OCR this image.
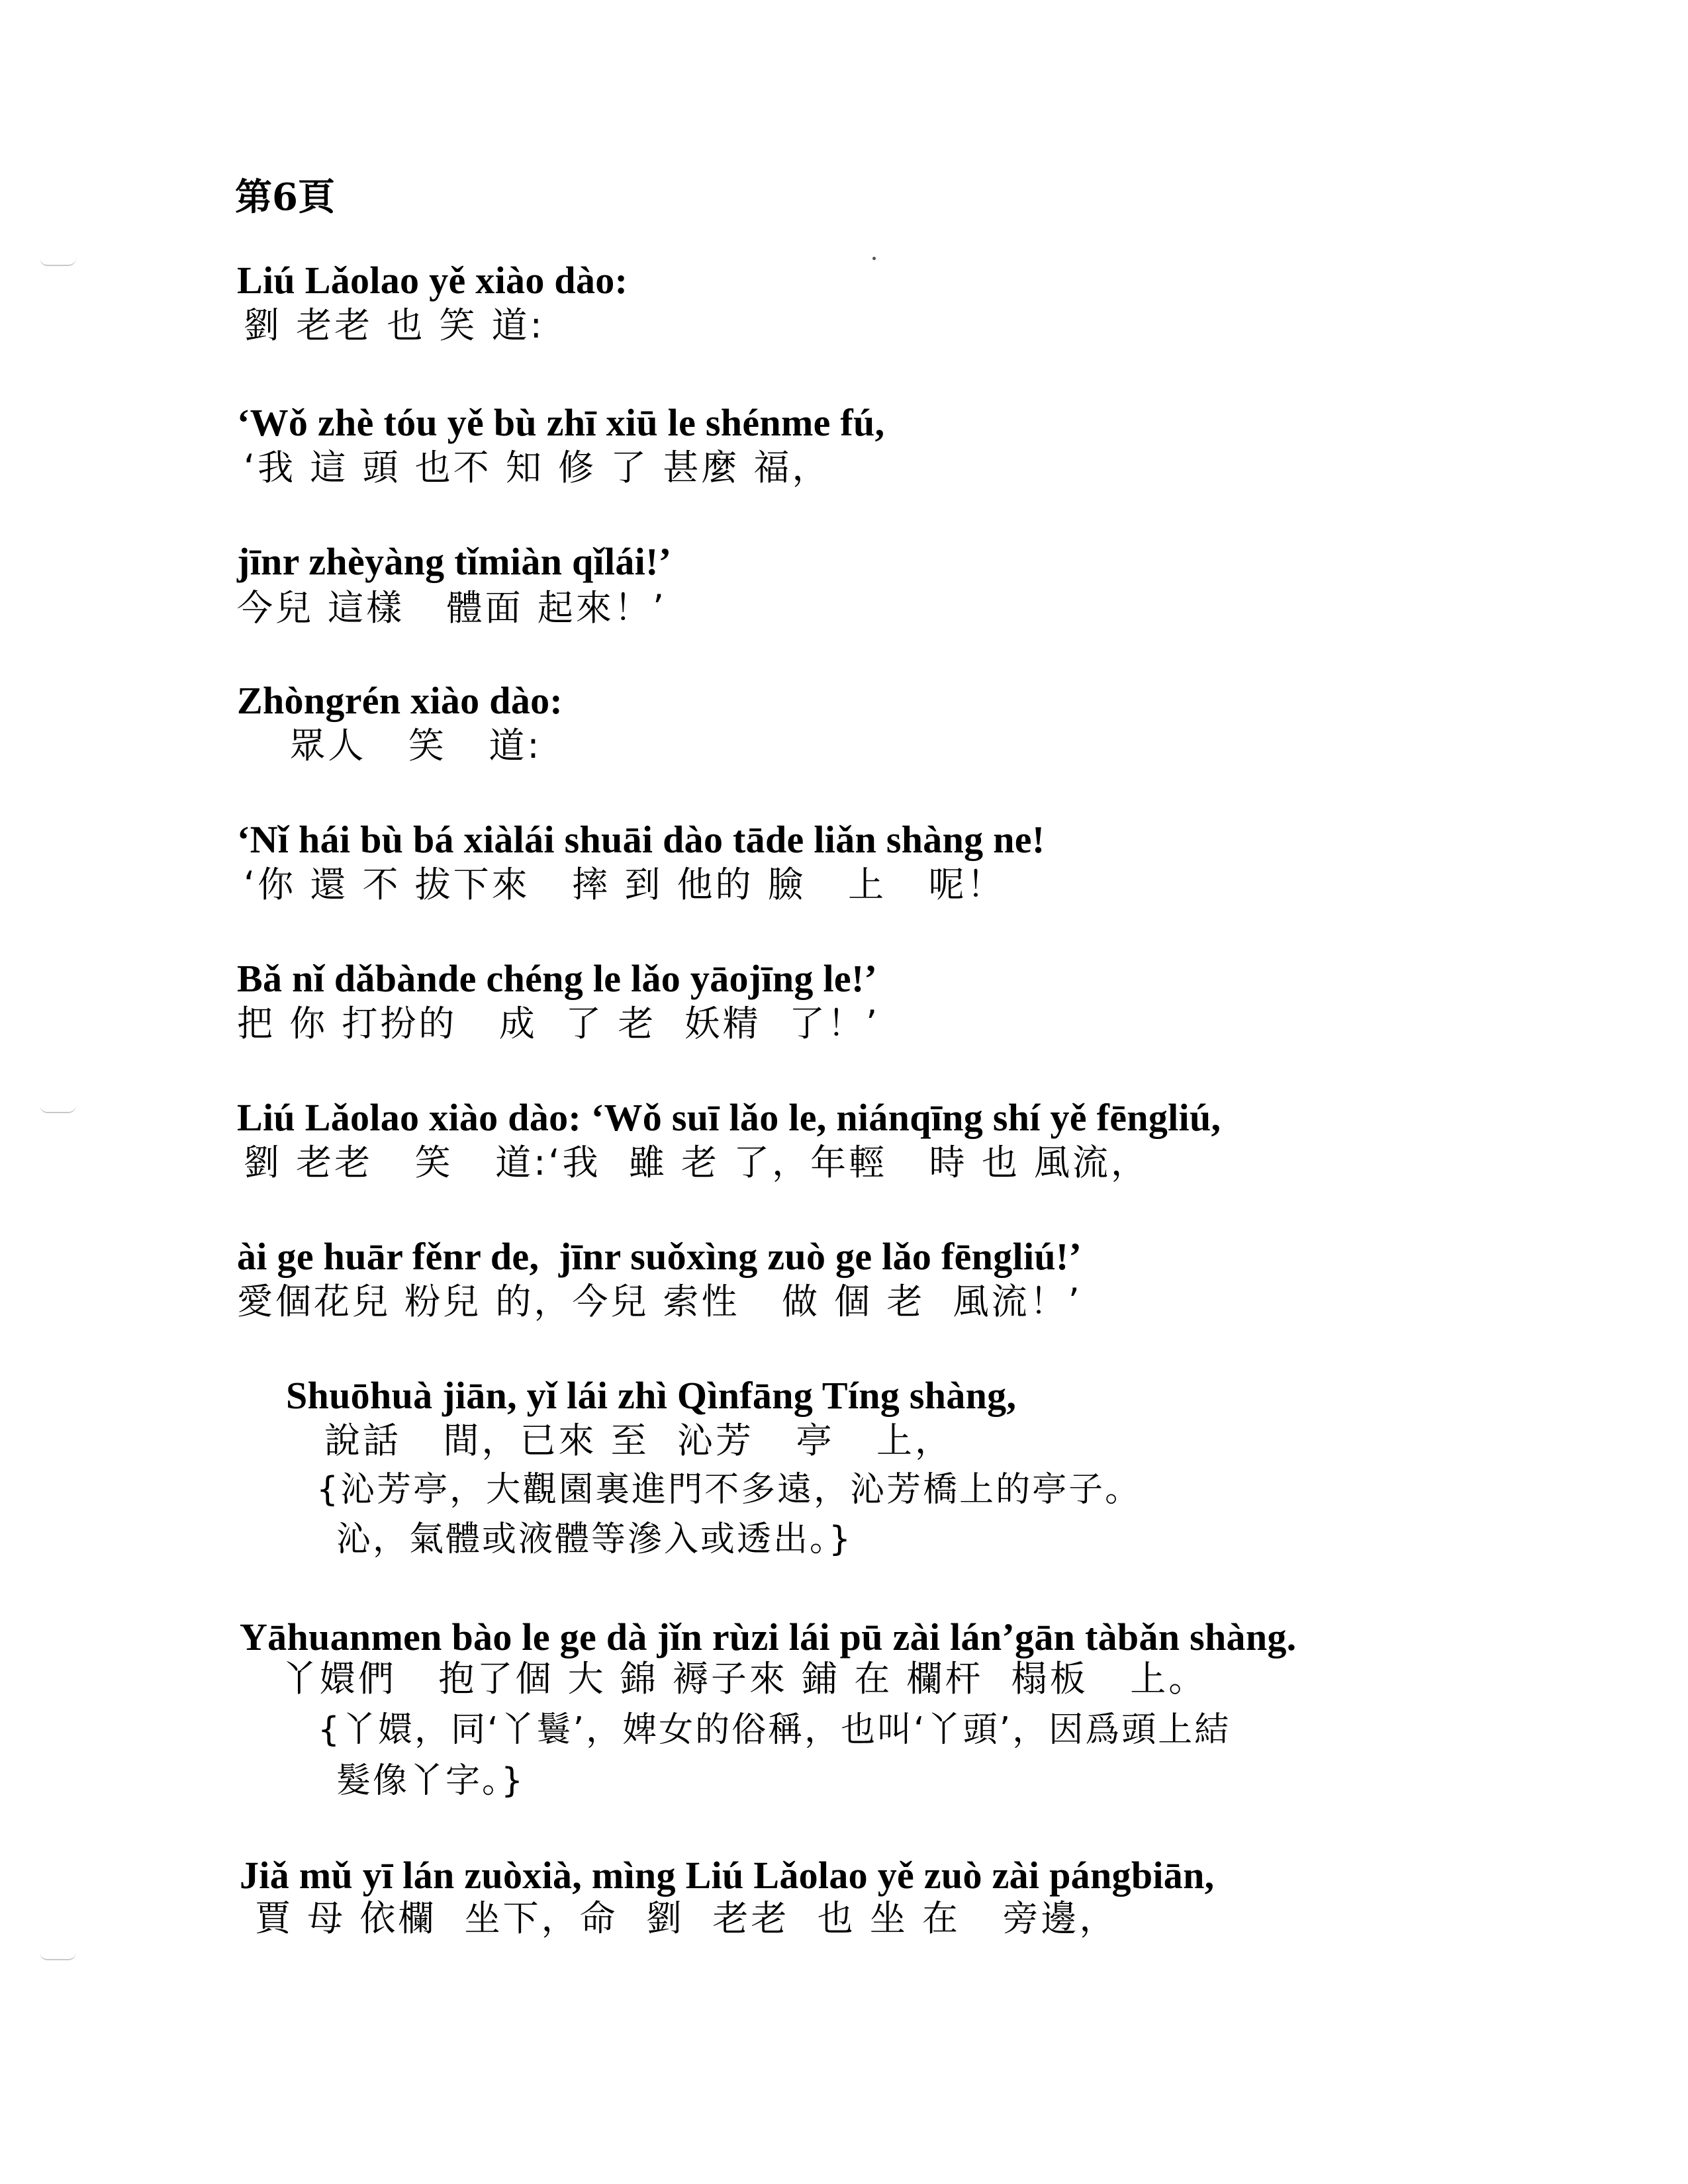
第6頁
Liú Lǎolao yě xiào dào:
劉 老老 也 笑 道:
‘Wǒ zhè tóu yě bù zhī xiū le shénme fú,
‘我 這 頭 也不 知 修 了 甚麼 福，
jīnr zhèyàng tǐmiàn qǐlái!’
今兒 這樣   體面 起來！’
Zhòngrén xiào dào:
眾人   笑   道:
‘Nǐ hái bù bá xiàlái shuāi dào tāde liǎn shàng ne!
‘你 還 不 拔下來   摔 到 他的 臉   上   呢！
Bǎ nǐ dǎbànde chéng le lǎo yāojīng le!’
把 你 打扮的   成  了 老  妖精  了！’
Liú Lǎolao xiào dào: ‘Wǒ suī lǎo le, niánqīng shí yě fēngliú,
劉 老老   笑   道:‘我  雖 老 了，年輕   時 也 風流，
ài ge huār fěnr de,  jīnr suǒxìng zuò ge lǎo fēngliú!’
愛個花兒 粉兒 的，今兒 索性   做 個 老  風流！’
Shuōhuà jiān, yǐ lái zhì Qìnfāng Tíng shàng,
說話   間，已來 至  沁芳   亭   上，
{沁芳亭，大觀園裏進門不多遠，沁芳橋上的亭子。
沁，氣體或液體等滲入或透出。}
Yāhuanmen bào le ge dà jǐn rùzi lái pū zài lán’gān tàbǎn shàng.
丫嬛們   抱了個 大 錦 褥子來 鋪 在 欄杆  榻板   上。
{丫嬛，同‘丫鬟’，婢女的俗稱，也叫‘丫頭’，因爲頭上結
髮像丫字。}
Jiǎ mǔ yī lán zuòxià, mìng Liú Lǎolao yě zuò zài pángbiān,
賈 母 依欄  坐下，命  劉  老老  也 坐 在   旁邊，
